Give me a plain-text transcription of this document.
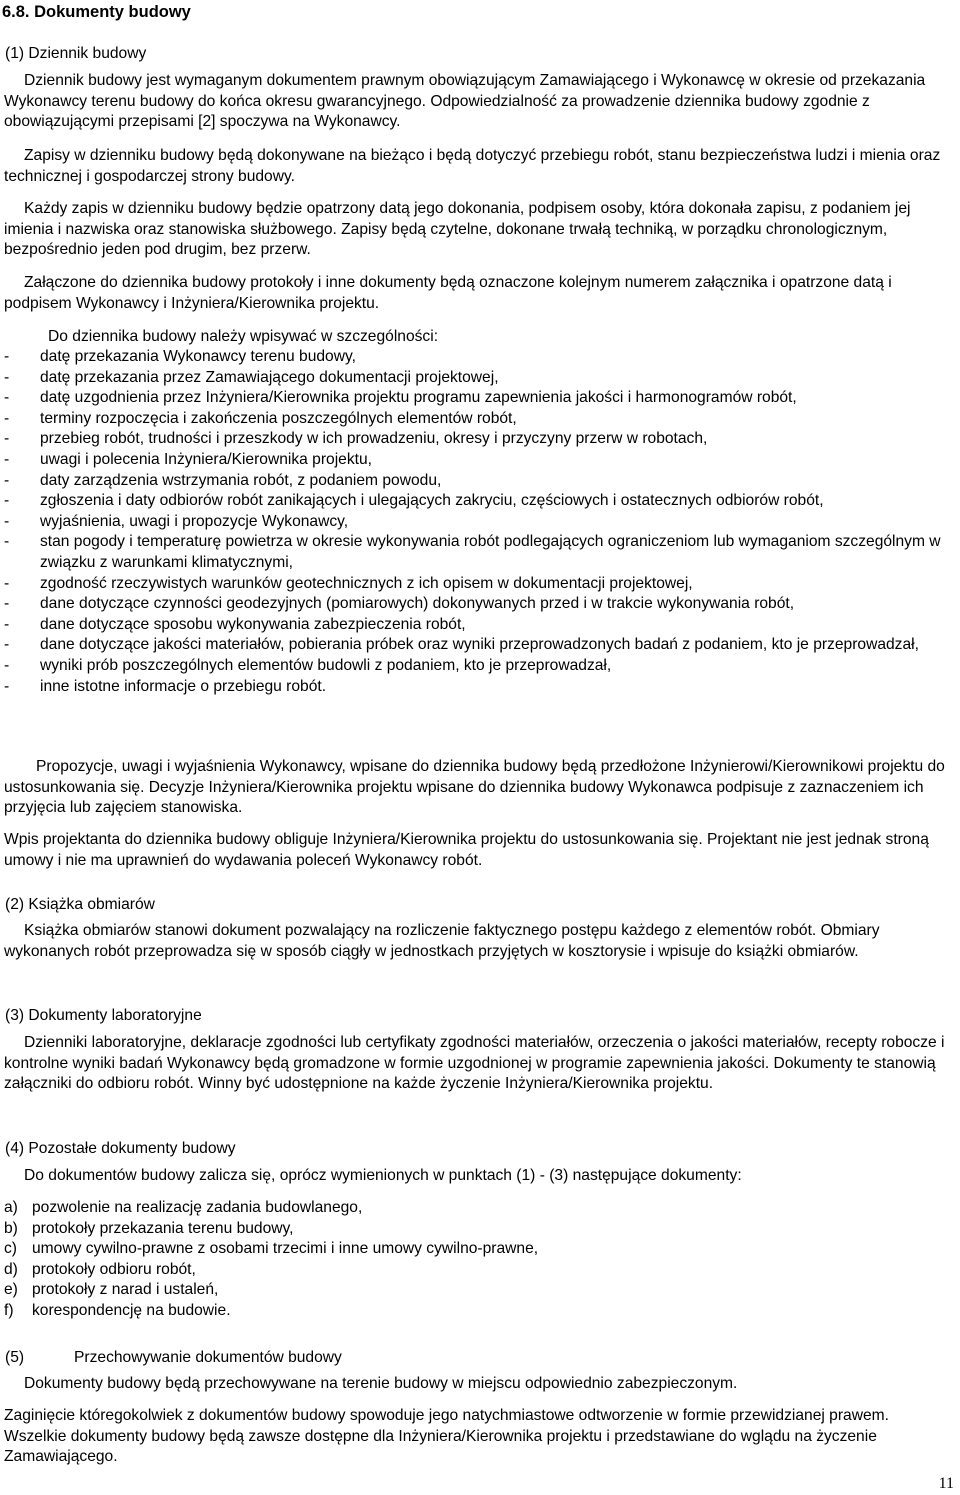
6.8. Dokumenty budowy

(1) Dziennik budowy

Dziennik budowy jest wymaganym dokumentem prawnym obowiązującym Zamawiającego i Wykonawcę w okresie od przekazania Wykonawcy terenu budowy do końca okresu gwarancyjnego. Odpowiedzialność za prowadzenie dziennika budowy zgodnie z obowiązującymi przepisami [2] spoczywa na Wykonawcy.

Zapisy w dzienniku budowy będą dokonywane na bieżąco i będą dotyczyć przebiegu robót, stanu bezpieczeństwa ludzi i mienia oraz technicznej i gospodarczej strony budowy.

Każdy zapis w dzienniku budowy będzie opatrzony datą jego dokonania, podpisem osoby, która dokonała zapisu, z podaniem jej imienia i nazwiska oraz stanowiska służbowego. Zapisy będą czytelne, dokonane trwałą techniką, w porządku chronologicznym, bezpośrednio jeden pod drugim, bez przerw.

Załączone do dziennika budowy protokoły i inne dokumenty będą oznaczone kolejnym numerem załącznika i opatrzone datą i podpisem Wykonawcy i Inżyniera/Kierownika projektu.

Do dziennika budowy należy wpisywać w szczególności:

- datę przekazania Wykonawcy terenu budowy,
- datę przekazania przez Zamawiającego dokumentacji projektowej,
- datę uzgodnienia przez Inżyniera/Kierownika projektu programu zapewnienia jakości i harmonogramów robót,
- terminy rozpoczęcia i zakończenia poszczególnych elementów robót,
- przebieg robót, trudności i przeszkody w ich prowadzeniu, okresy i przyczyny przerw w robotach,
- uwagi i polecenia Inżyniera/Kierownika projektu,
- daty zarządzenia wstrzymania robót, z podaniem powodu,
- zgłoszenia i daty odbiorów robót zanikających i ulegających zakryciu, częściowych i ostatecznych odbiorów robót,
- wyjaśnienia, uwagi i propozycje Wykonawcy,
- stan pogody i temperaturę powietrza w okresie wykonywania robót podlegających ograniczeniom lub wymaganiom szczególnym w związku z warunkami klimatycznymi,
- zgodność rzeczywistych warunków geotechnicznych z ich opisem w dokumentacji projektowej,
- dane dotyczące czynności geodezyjnych (pomiarowych) dokonywanych przed i w trakcie wykonywania robót,
- dane dotyczące sposobu wykonywania zabezpieczenia robót,
- dane dotyczące jakości materiałów, pobierania próbek oraz wyniki przeprowadzonych badań z podaniem, kto je przeprowadzał,
- wyniki prób poszczególnych elementów budowli z podaniem, kto je przeprowadzał,
- inne istotne informacje o przebiegu robót.

Propozycje, uwagi i wyjaśnienia Wykonawcy, wpisane do dziennika budowy będą przedłożone Inżynierowi/Kierownikowi projektu do ustosunkowania się. Decyzje Inżyniera/Kierownika projektu wpisane do dziennika budowy Wykonawca podpisuje z zaznaczeniem ich przyjęcia lub zajęciem stanowiska.

Wpis projektanta do dziennika budowy obliguje Inżyniera/Kierownika projektu do ustosunkowania się. Projektant nie jest jednak stroną umowy i nie ma uprawnień do wydawania poleceń Wykonawcy robót.

(2) Książka obmiarów

Książka obmiarów stanowi dokument pozwalający na rozliczenie faktycznego postępu każdego z elementów robót. Obmiary wykonanych robót przeprowadza się w sposób ciągły w jednostkach przyjętych w kosztorysie i wpisuje do książki obmiarów.

(3) Dokumenty laboratoryjne

Dzienniki laboratoryjne, deklaracje zgodności lub certyfikaty zgodności materiałów, orzeczenia o jakości materiałów, recepty robocze i kontrolne wyniki badań Wykonawcy będą gromadzone w formie uzgodnionej w programie zapewnienia jakości. Dokumenty te stanowią załączniki do odbioru robót. Winny być udostępnione na każde życzenie Inżyniera/Kierownika projektu.

(4) Pozostałe dokumenty budowy

Do dokumentów budowy zalicza się, oprócz wymienionych w punktach (1) - (3) następujące dokumenty:

a) pozwolenie na realizację zadania budowlanego,
b) protokoły przekazania terenu budowy,
c) umowy cywilno-prawne z osobami trzecimi i inne umowy cywilno-prawne,
d) protokoły odbioru robót,
e) protokoły z narad i ustaleń,
f) korespondencję na budowie.

(5)	Przechowywanie dokumentów budowy

Dokumenty budowy będą przechowywane na terenie budowy w miejscu odpowiednio zabezpieczonym.

Zaginięcie któregokolwiek z dokumentów budowy spowoduje jego natychmiastowe odtworzenie w formie przewidzianej prawem. Wszelkie dokumenty budowy będą zawsze dostępne dla Inżyniera/Kierownika projektu i przedstawiane do wglądu na życzenie Zamawiającego.

11
